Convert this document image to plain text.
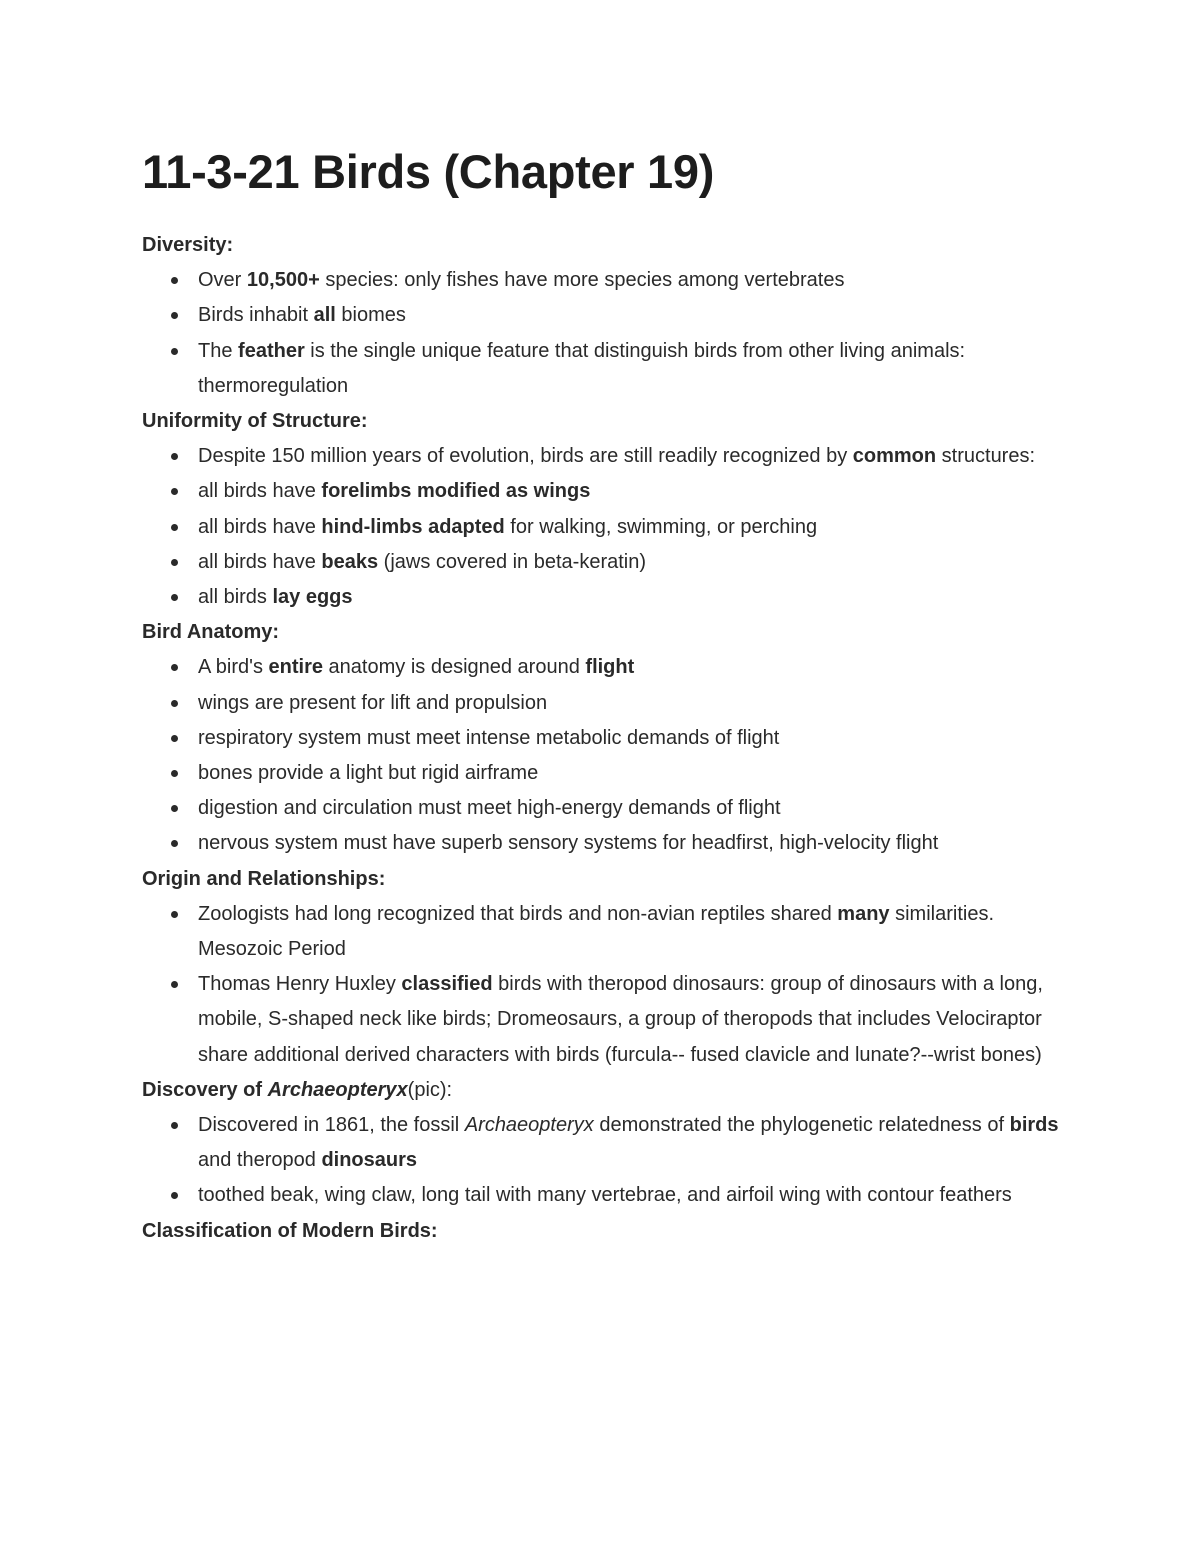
11-3-21 Birds (Chapter 19)
Diversity:
Over 10,500+ species: only fishes have more species among vertebrates
Birds inhabit all biomes
The feather is the single unique feature that distinguish birds from other living animals: thermoregulation
Uniformity of Structure:
Despite 150 million years of evolution, birds are still readily recognized by common structures:
all birds have forelimbs modified as wings
all birds have hind-limbs adapted for walking, swimming, or perching
all birds have beaks (jaws covered in beta-keratin)
all birds lay eggs
Bird Anatomy:
A bird's entire anatomy is designed around flight
wings are present for lift and propulsion
respiratory system must meet intense metabolic demands of flight
bones provide a light but rigid airframe
digestion and circulation must meet high-energy demands of flight
nervous system must have superb sensory systems for headfirst, high-velocity flight
Origin and Relationships:
Zoologists had long recognized that birds and non-avian reptiles shared many similarities. Mesozoic Period
Thomas Henry Huxley classified birds with theropod dinosaurs: group of dinosaurs with a long, mobile, S-shaped neck like birds; Dromeosaurs, a group of theropods that includes Velociraptor share additional derived characters with birds (furcula-- fused clavicle and lunate?--wrist bones)
Discovery of Archaeopteryx(pic):
Discovered in 1861, the fossil Archaeopteryx demonstrated the phylogenetic relatedness of birds and theropod dinosaurs
toothed beak, wing claw, long tail with many vertebrae, and airfoil wing with contour feathers
Classification of Modern Birds:
